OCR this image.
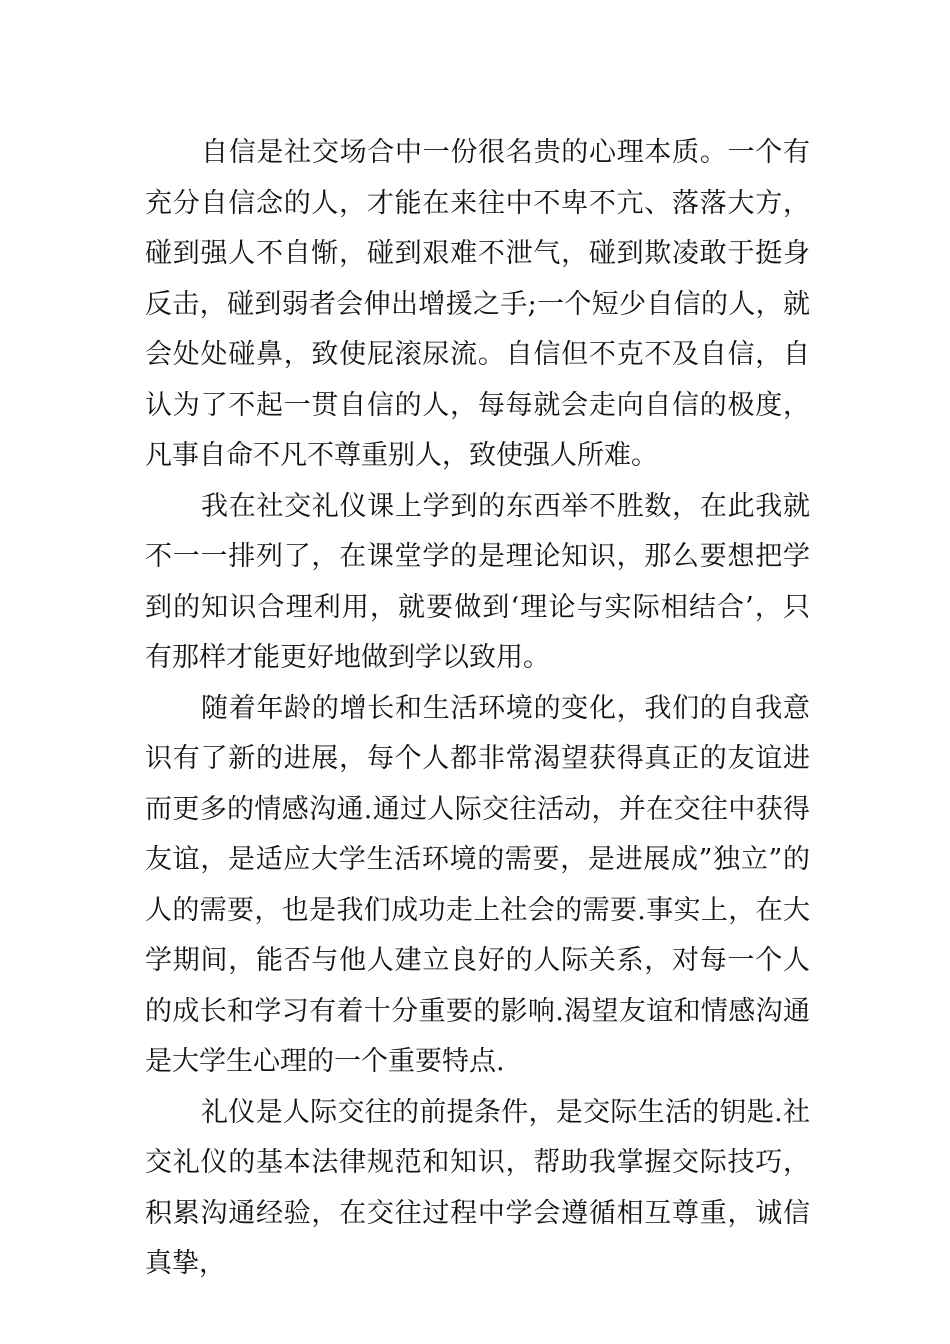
自信是社交场合中一份很名贵的心理本质。一个有充分自信念的人，才能在来往中不卑不亢、落落大方，碰到强人不自惭，碰到艰难不泄气，碰到欺凌敢于挺身反击，碰到弱者会伸出增援之手;一个短少自信的人，就会处处碰鼻，致使屁滚尿流。自信但不克不及自信，自认为了不起一贯自信的人，每每就会走向自信的极度，凡事自命不凡不尊重别人，致使强人所难。

我在社交礼仪课上学到的东西举不胜数，在此我就不一一排列了，在课堂学的是理论知识，那么要想把学到的知识合理利用，就要做到‘理论与实际相结合’，只有那样才能更好地做到学以致用。

随着年龄的增长和生活环境的变化，我们的自我意识有了新的进展，每个人都非常渴望获得真正的友谊进而更多的情感沟通.通过人际交往活动，并在交往中获得友谊，是适应大学生活环境的需要，是进展成”独立”的人的需要，也是我们成功走上社会的需要.事实上，在大学期间，能否与他人建立良好的人际关系，对每一个人的成长和学习有着十分重要的影响.渴望友谊和情感沟通是大学生心理的一个重要特点.

礼仪是人际交往的前提条件，是交际生活的钥匙.社交礼仪的基本法律规范和知识，帮助我掌握交际技巧，积累沟通经验，在交往过程中学会遵循相互尊重，诚信真挚，
